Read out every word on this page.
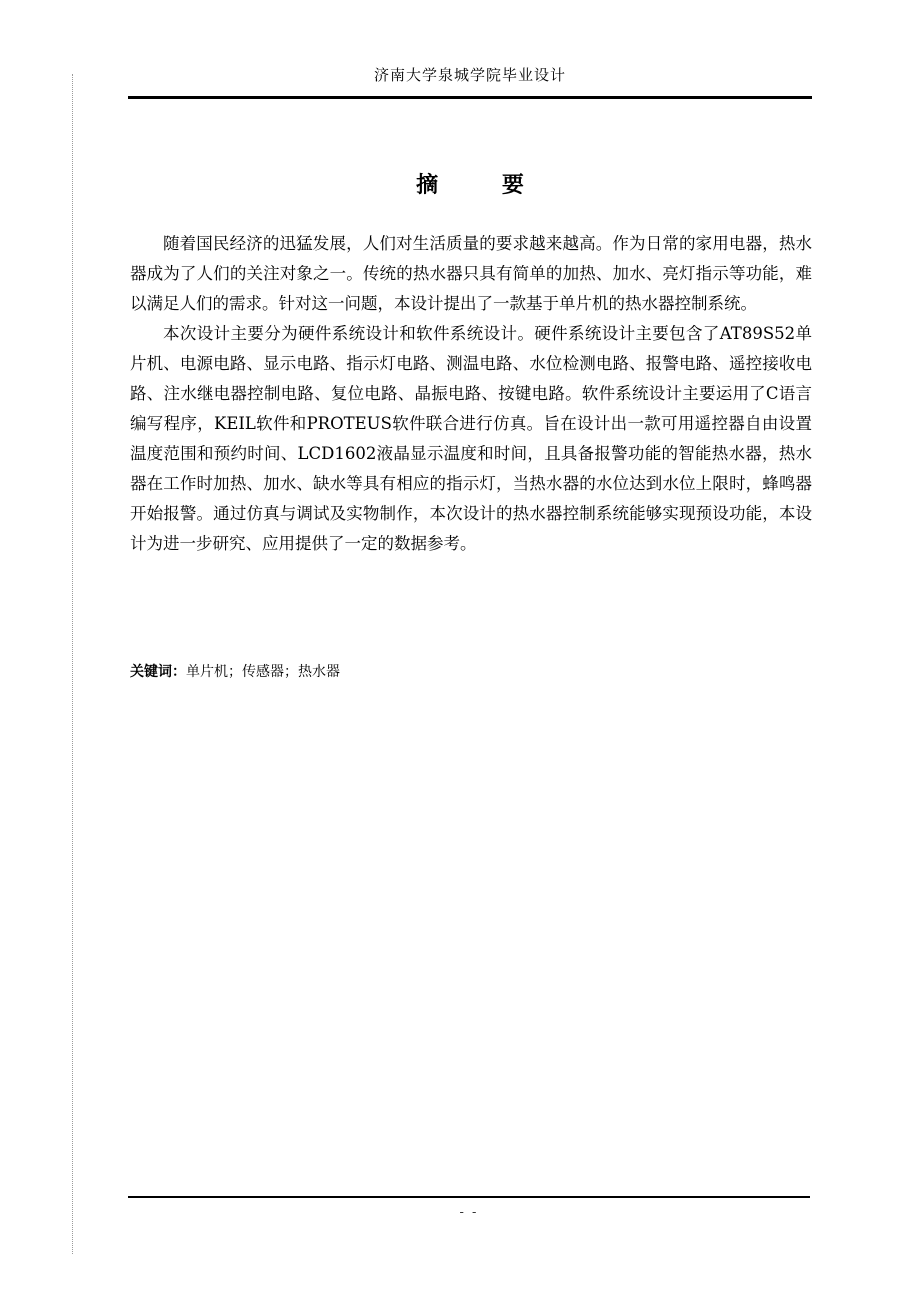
济南大学泉城学院毕业设计
摘 要

随着国民经济的迅猛发展，人们对生活质量的要求越来越高。作为日常的家用电器，热水器成为了人们的关注对象之一。传统的热水器只具有简单的加热、加水、亮灯指示等功能，难以满足人们的需求。针对这一问题，本设计提出了一款基于单片机的热水器控制系统。

本次设计主要分为硬件系统设计和软件系统设计。硬件系统设计主要包含了AT89S52单片机、电源电路、显示电路、指示灯电路、测温电路、水位检测电路、报警电路、遥控接收电路、注水继电器控制电路、复位电路、晶振电路、按键电路。软件系统设计主要运用了C语言编写程序，KEIL软件和PROTEUS软件联合进行仿真。旨在设计出一款可用遥控器自由设置温度范围和预约时间、LCD1602液晶显示温度和时间，且具备报警功能的智能热水器，热水器在工作时加热、加水、缺水等具有相应的指示灯，当热水器的水位达到水位上限时，蜂鸣器开始报警。通过仿真与调试及实物制作，本次设计的热水器控制系统能够实现预设功能，本设计为进一步研究、应用提供了一定的数据参考。

关键词：单片机；传感器；热水器
- -
